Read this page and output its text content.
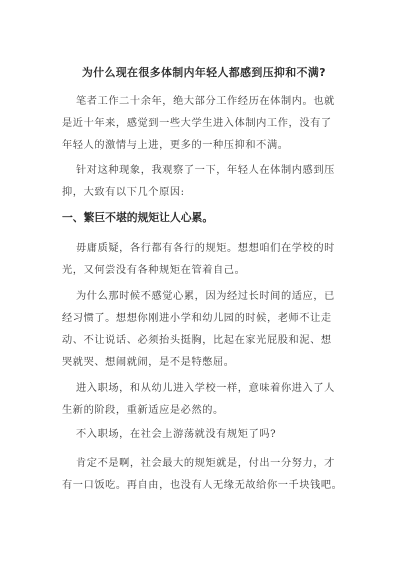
为什么现在很多体制内年轻人都感到压抑和不满?
笔者工作二十余年，绝大部分工作经历在体制内。也就
是近十年来，感觉到一些大学生进入体制内工作，没有了
年轻人的激情与上进，更多的一种压抑和不满。
针对这种现象，我观察了一下，年轻人在体制内感到压
抑，大致有以下几个原因:
一、繁巨不堪的规矩让人心累。
毋庸质疑，各行都有各行的规矩。想想咱们在学校的时
光，又何尝没有各种规矩在管着自己。
为什么那时候不感觉心累，因为经过长时间的适应，已
经习惯了。想想你刚进小学和幼儿园的时候，老师不让走
动、不让说话、必须抬头挺胸，比起在家光屁股和泥、想
哭就哭、想闹就闹，是不是特憋屈。
进入职场，和从幼儿进入学校一样，意味着你进入了人
生新的阶段，重新适应是必然的。
不入职场，在社会上游荡就没有规矩了吗?
肯定不是啊，社会最大的规矩就是，付出一分努力，才
有一口饭吃。再自由，也没有人无缘无故给你一千块钱吧。
